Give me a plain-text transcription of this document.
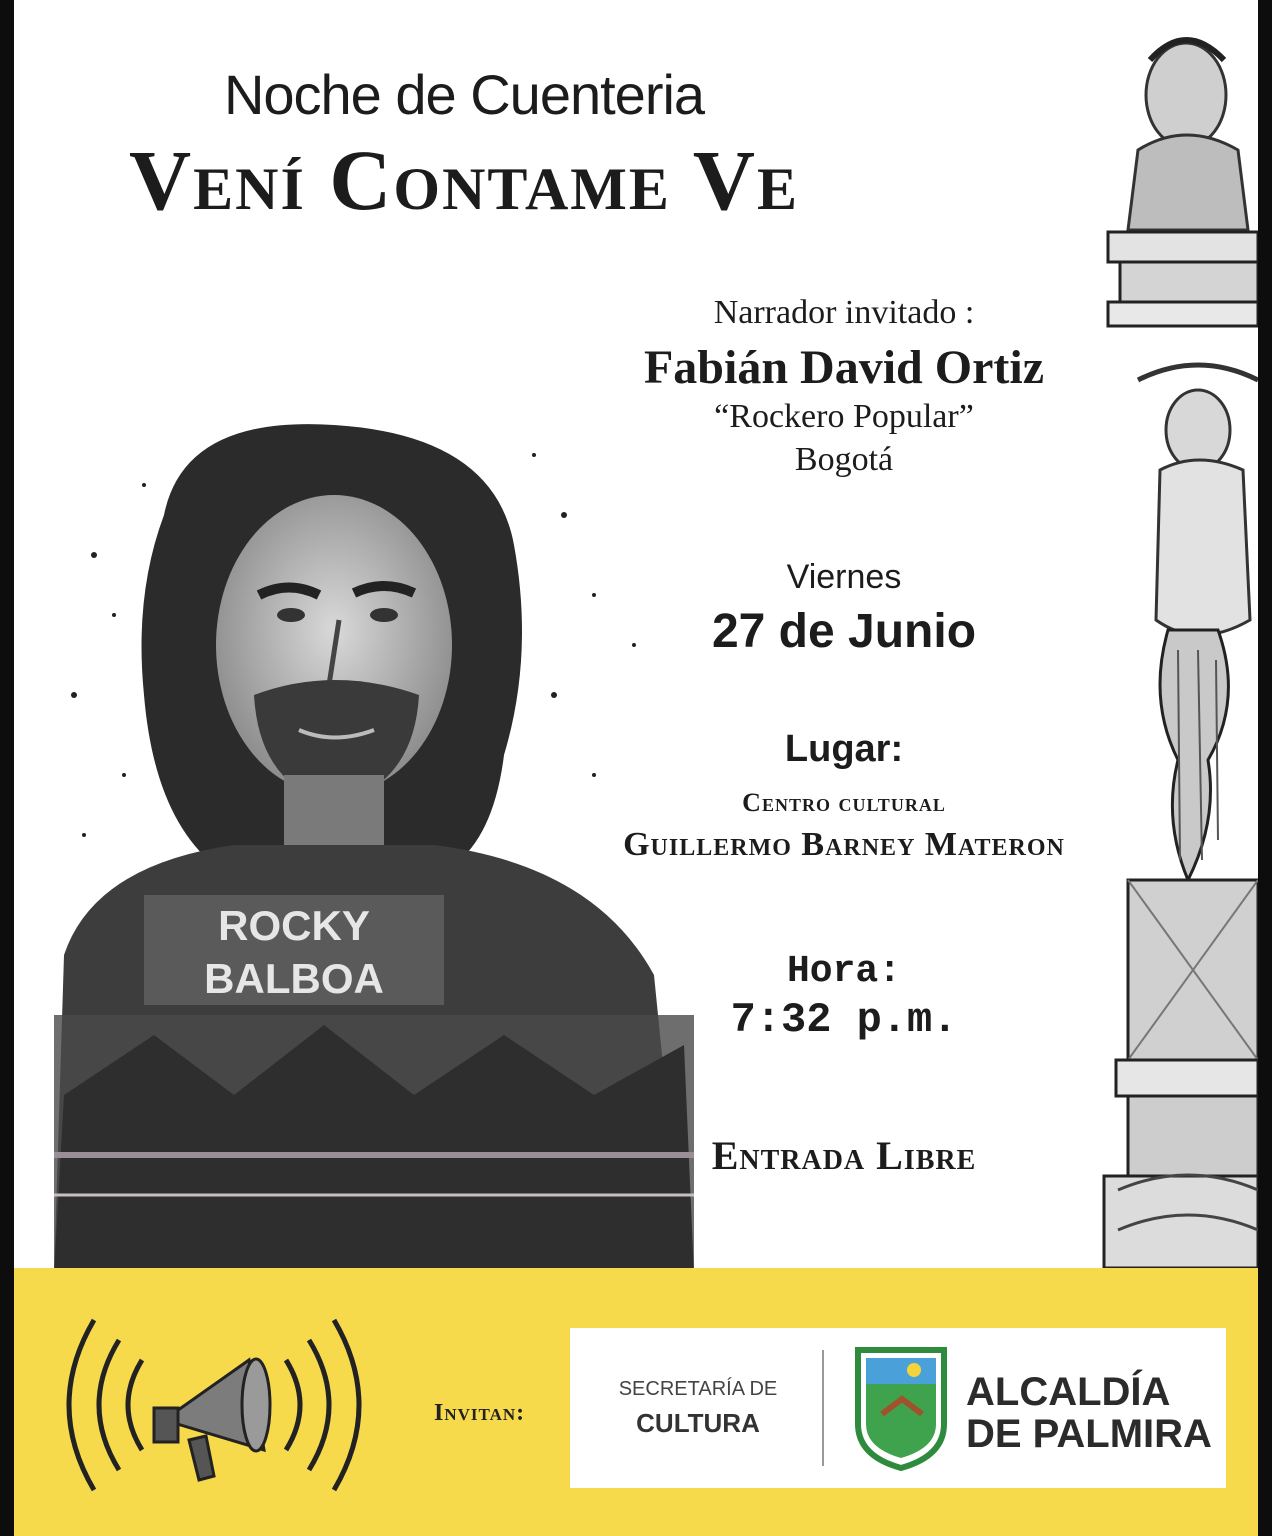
ROCKY
BALBOA

Noche de Cuenteria

Vení Contame Ve

Narrador invitado :

Fabián David Ortiz

“Rockero Popular”

Bogotá

Viernes

27 de Junio

Lugar:

Centro cultural

Guillermo Barney Materon

Hora:

7:32 p.m.

Entrada Libre

Invitan:
SECRETARÍA DE
CULTURA
ALCALDÍA
DE PALMIRA
